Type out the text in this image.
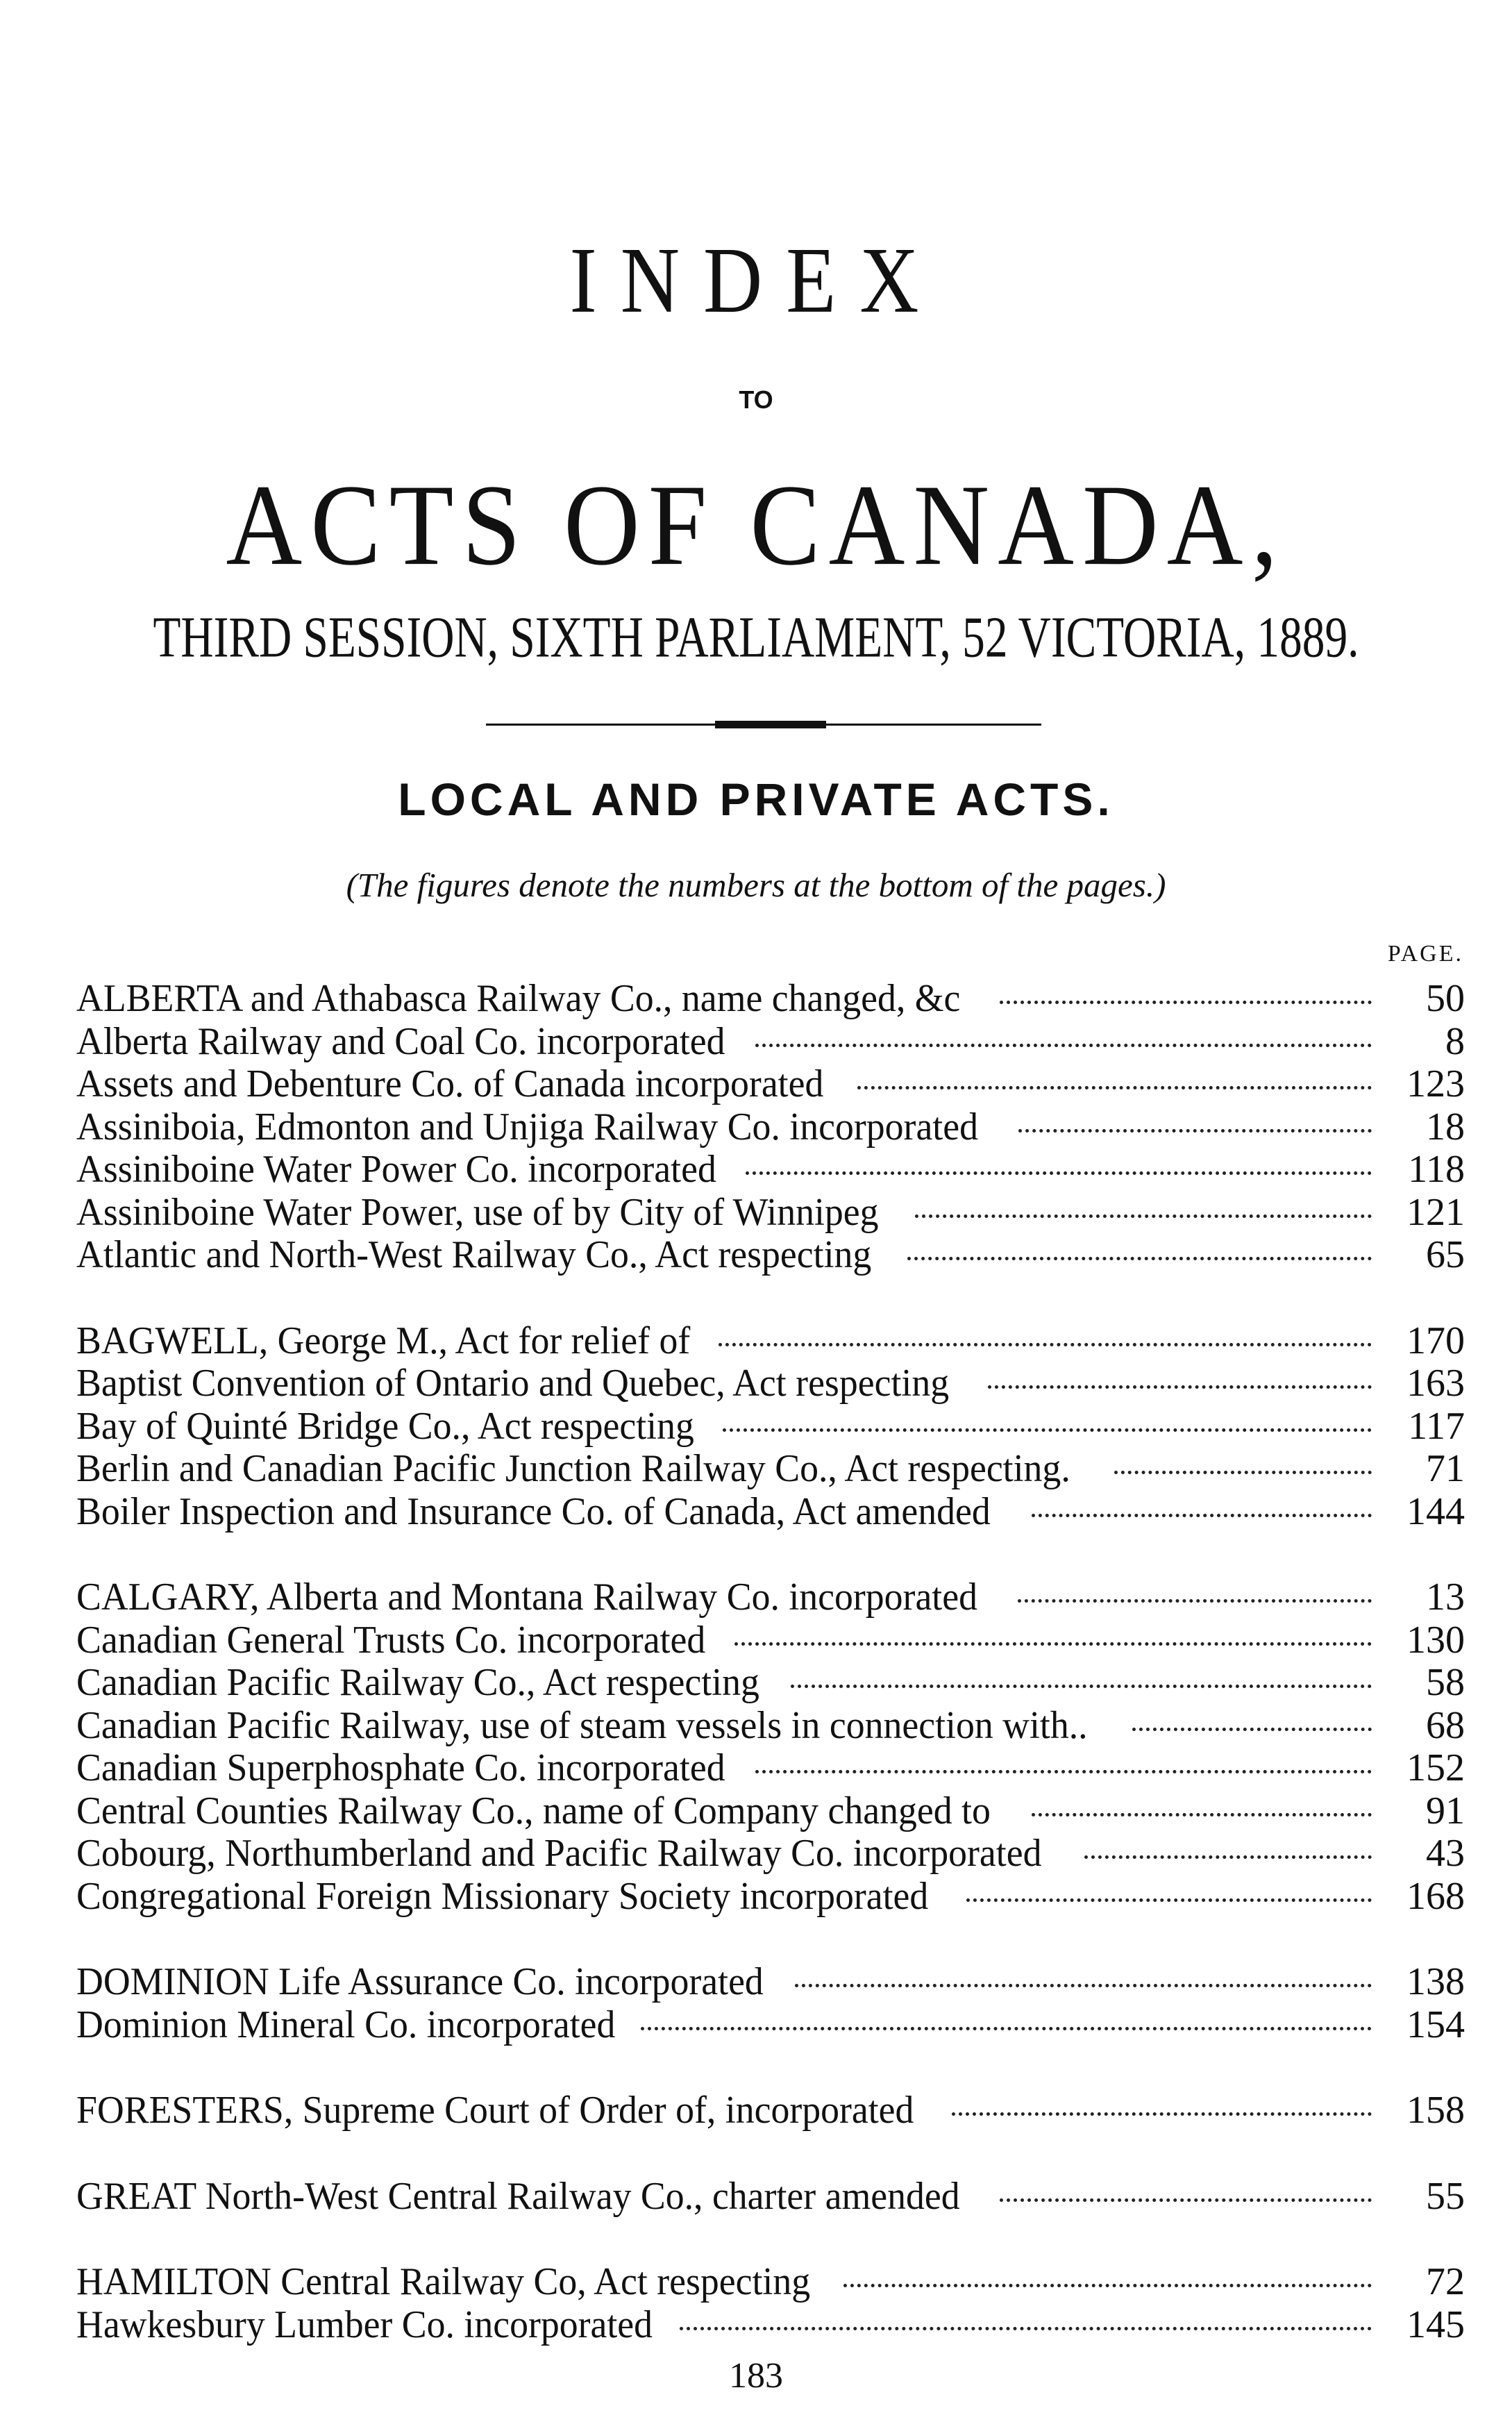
INDEX
TO
ACTS OF CANADA,
THIRD SESSION, SIXTH PARLIAMENT, 52 VICTORIA, 1889.
LOCAL AND PRIVATE ACTS.
(The figures denote the numbers at the bottom of the pages.)
PAGE.
ALBERTA and Athabasca Railway Co., name changed, &c	50
Alberta Railway and Coal Co. incorporated	8
Assets and Debenture Co. of Canada incorporated	123
Assiniboia, Edmonton and Unjiga Railway Co. incorporated	18
Assiniboine Water Power Co. incorporated	118
Assiniboine Water Power, use of by City of Winnipeg	121
Atlantic and North-West Railway Co., Act respecting	65
BAGWELL, George M., Act for relief of	170
Baptist Convention of Ontario and Quebec, Act respecting	163
Bay of Quinté Bridge Co., Act respecting	117
Berlin and Canadian Pacific Junction Railway Co., Act respecting.	71
Boiler Inspection and Insurance Co. of Canada, Act amended	144
CALGARY, Alberta and Montana Railway Co. incorporated	13
Canadian General Trusts Co. incorporated	130
Canadian Pacific Railway Co., Act respecting	58
Canadian Pacific Railway, use of steam vessels in connection with..	68
Canadian Superphosphate Co. incorporated	152
Central Counties Railway Co., name of Company changed to	91
Cobourg, Northumberland and Pacific Railway Co. incorporated	43
Congregational Foreign Missionary Society incorporated	168
DOMINION Life Assurance Co. incorporated	138
Dominion Mineral Co. incorporated	154
FORESTERS, Supreme Court of Order of, incorporated	158
GREAT North-West Central Railway Co., charter amended	55
HAMILTON Central Railway Co, Act respecting	72
Hawkesbury Lumber Co. incorporated	145
183
